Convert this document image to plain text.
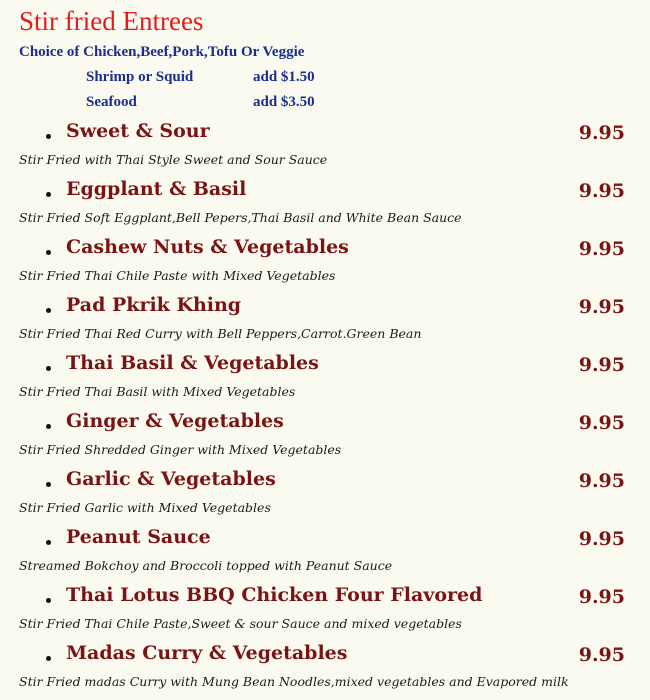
Stir fried Entrees
Choice of Chicken,Beef,Pork,Tofu Or Veggie
Shrimp or Squid	add $1.50
Seafood	add $3.50
Sweet & Sour	9.95
Stir Fried with Thai Style Sweet and Sour Sauce
Eggplant & Basil	9.95
Stir Fried Soft Eggplant,Bell Pepers,Thai Basil and White Bean Sauce
Cashew Nuts & Vegetables	9.95
Stir Fried Thai Chile Paste with Mixed Vegetables
Pad Pkrik Khing	9.95
Stir Fried Thai Red Curry with Bell Peppers,Carrot.Green Bean
Thai Basil & Vegetables	9.95
Stir Fried Thai Basil with Mixed Vegetables
Ginger & Vegetables	9.95
Stir Fried Shredded Ginger with Mixed Vegetables
Garlic & Vegetables	9.95
Stir Fried Garlic with Mixed Vegetables
Peanut Sauce	9.95
Streamed Bokchoy and Broccoli topped with Peanut Sauce
Thai Lotus BBQ Chicken Four Flavored	9.95
Stir Fried Thai Chile Paste,Sweet & sour Sauce and mixed vegetables
Madas Curry & Vegetables	9.95
Stir Fried madas Curry with Mung Bean Noodles,mixed vegetables and Evapored milk
